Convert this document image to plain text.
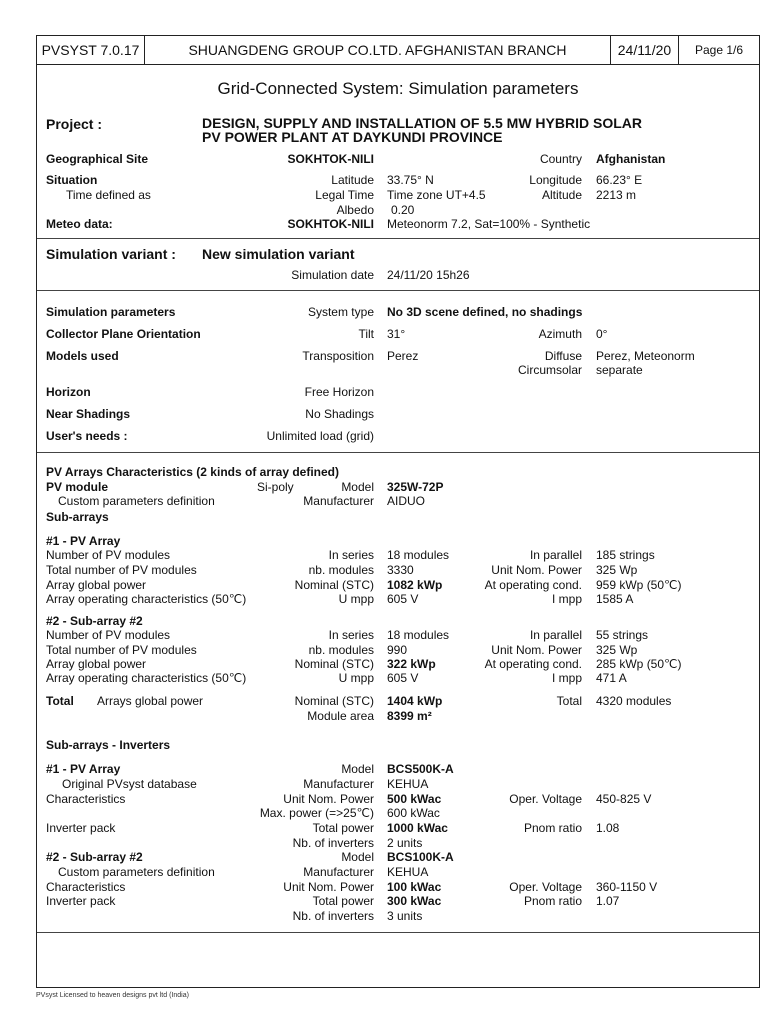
PVSYST 7.0.17	SHUANGDENG GROUP CO.LTD. AFGHANISTAN BRANCH	24/11/20	Page 1/6
Grid-Connected System: Simulation parameters
Project :	DESIGN, SUPPLY AND INSTALLATION OF 5.5 MW HYBRID SOLAR
PV POWER PLANT AT DAYKUNDI PROVINCE
Geographical Site	SOKHTOK-NILI	Country Afghanistan
Situation	Latitude 33.75° N	Longitude 66.23° E
Time defined as	Legal Time Time zone UT+4.5	Altitude 2213 m
Albedo 0.20
Meteo data:	SOKHTOK-NILI Meteonorm 7.2, Sat=100% - Synthetic
Simulation variant : New simulation variant
Simulation date 24/11/20 15h26
Simulation parameters	System type No 3D scene defined, no shadings
Collector Plane Orientation	Tilt 31°	Azimuth 0°
Models used	Transposition Perez	Diffuse Perez, Meteonorm
Circumsolar separate
Horizon	Free Horizon
Near Shadings	No Shadings
User's needs :	Unlimited load (grid)
PV Arrays Characteristics (2 kinds of array defined)
PV module	Si-poly	Model 325W-72P
Custom parameters definition	Manufacturer AIDUO
Sub-arrays
#1 - PV Array
Number of PV modules	In series 18 modules	In parallel 185 strings
Total number of PV modules	nb. modules 3330	Unit Nom. Power 325 Wp
Array global power	Nominal (STC) 1082 kWp	At operating cond. 959 kWp (50℃)
Array operating characteristics (50℃)	U mpp 605 V	I mpp 1585 A
#2 - Sub-array #2
Number of PV modules	In series 18 modules	In parallel 55 strings
Total number of PV modules	nb. modules 990	Unit Nom. Power 325 Wp
Array global power	Nominal (STC) 322 kWp	At operating cond. 285 kWp (50℃)
Array operating characteristics (50℃)	U mpp 605 V	I mpp 471 A
Total Arrays global power	Nominal (STC) 1404 kWp	Total 4320 modules
Module area 8399 m²
Sub-arrays - Inverters
#1 - PV Array	Model BCS500K-A
Original PVsyst database	Manufacturer KEHUA
Characteristics	Unit Nom. Power 500 kWac	Oper. Voltage 450-825 V
Max. power (=>25℃) 600 kWac
Inverter pack	Total power 1000 kWac	Pnom ratio 1.08
Nb. of inverters 2 units
#2 - Sub-array #2	Model BCS100K-A
Custom parameters definition	Manufacturer KEHUA
Characteristics	Unit Nom. Power 100 kWac	Oper. Voltage 360-1150 V
Inverter pack	Total power 300 kWac	Pnom ratio 1.07
Nb. of inverters 3 units
PVsyst Licensed to heaven designs pvt ltd (India)
